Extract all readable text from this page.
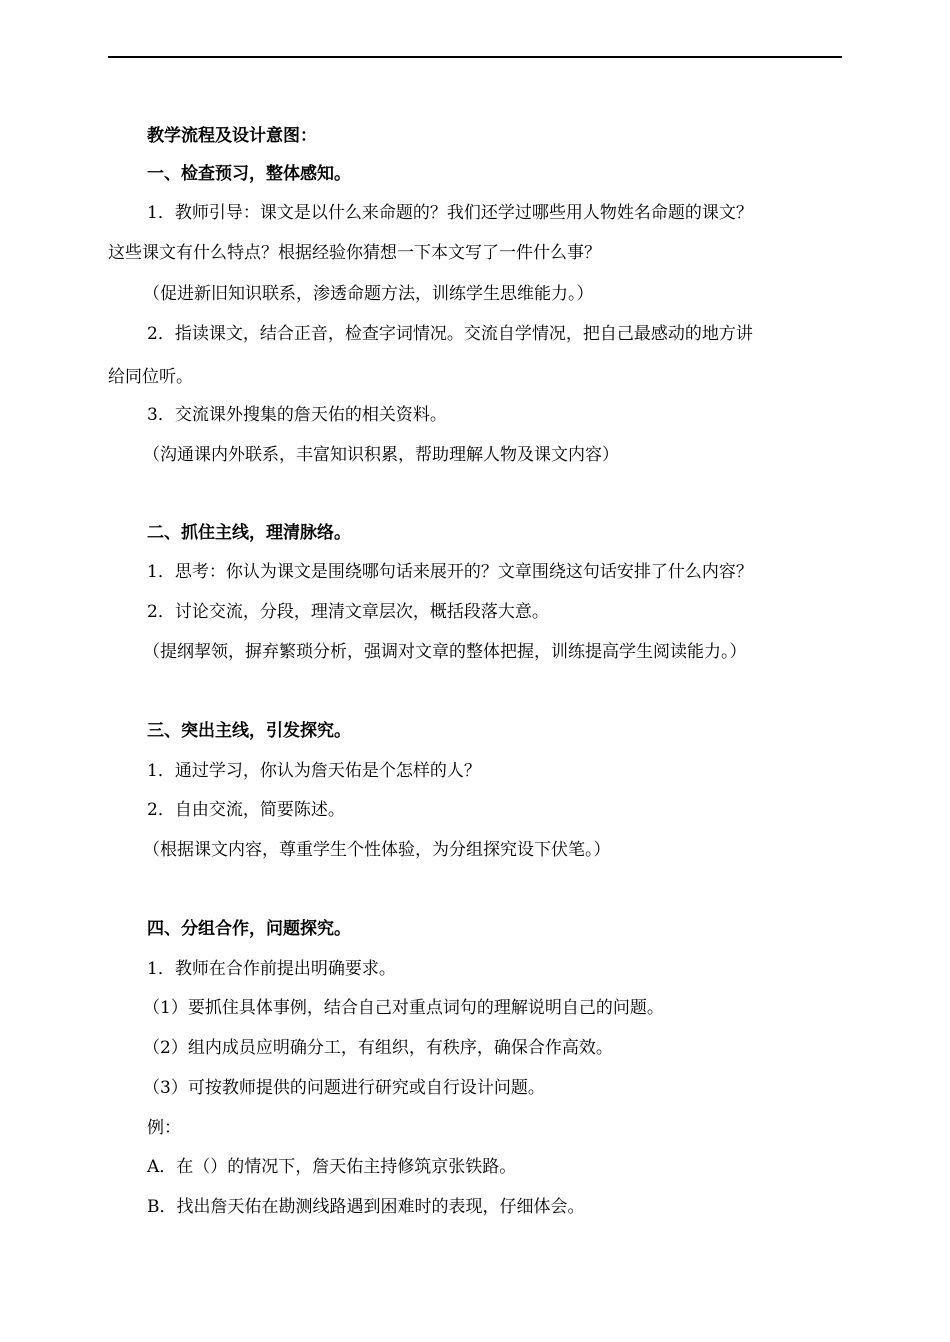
教学流程及设计意图：
一、检查预习，整体感知。
1．教师引导：课文是以什么来命题的？我们还学过哪些用人物姓名命题的课文？
这些课文有什么特点？根据经验你猜想一下本文写了一件什么事？
（促进新旧知识联系，渗透命题方法，训练学生思维能力。）
2．指读课文，结合正音，检查字词情况。交流自学情况，把自己最感动的地方讲
给同位听。
3．交流课外搜集的詹天佑的相关资料。
（沟通课内外联系，丰富知识积累，帮助理解人物及课文内容）
二、抓住主线，理清脉络。
1．思考：你认为课文是围绕哪句话来展开的？文章围绕这句话安排了什么内容？
2．讨论交流，分段，理清文章层次，概括段落大意。
（提纲挈领，摒弃繁琐分析，强调对文章的整体把握，训练提高学生阅读能力。）
三、突出主线，引发探究。
1．通过学习，你认为詹天佑是个怎样的人？
2．自由交流，简要陈述。
（根据课文内容，尊重学生个性体验，为分组探究设下伏笔。）
四、分组合作，问题探究。
1．教师在合作前提出明确要求。
（1）要抓住具体事例，结合自己对重点词句的理解说明自己的问题。
（2）组内成员应明确分工，有组织，有秩序，确保合作高效。
（3）可按教师提供的问题进行研究或自行设计问题。
例：
A．在（）的情况下，詹天佑主持修筑京张铁路。
B．找出詹天佑在勘测线路遇到困难时的表现，仔细体会。
